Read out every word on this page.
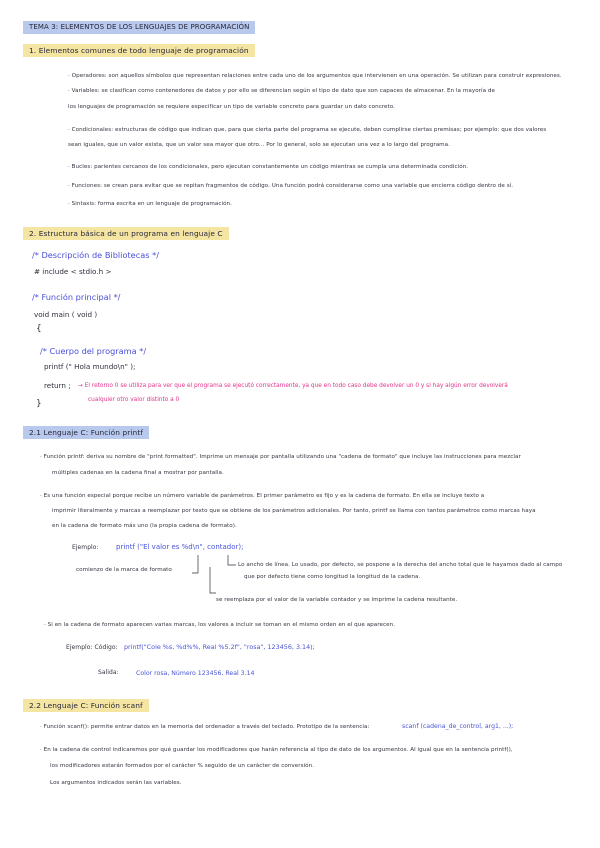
TEMA 3: ELEMENTOS DE LOS LENGUAJES DE PROGRAMACIÓN
1. Elementos comunes de todo lenguaje de programación
· Operadores: son aquellos símbolos que representan relaciones entre cada uno de los argumentos que intervienen en una operación. Se utilizan para construir expresiones.
· Variables: se clasifican como contenedores de datos y por ello se diferencian según el tipo de dato que son capaces de almacenar. En la mayoría de
los lenguajes de programación se requiere especificar un tipo de variable concreto para guardar un dato concreto.
· Condicionales: estructuras de código que indican que, para que cierta parte del programa se ejecute, deben cumplirse ciertas premisas; por ejemplo: que dos valores
sean iguales, que un valor exista, que un valor sea mayor que otro... Por lo general, solo se ejecutan una vez a lo largo del programa.
· Bucles: parientes cercanos de los condicionales, pero ejecutan constantemente un código mientras se cumpla una determinada condición.
· Funciones: se crean para evitar que se repitan fragmentos de código. Una función podrá considerarse como una variable que encierra código dentro de sí.
· Sintaxis: forma escrita en un lenguaje de programación.
2. Estructura básica de un programa en lenguaje C
/* Descripción de Bibliotecas */
# include < stdio.h >
/* Función principal */
void main ( void )
{
/* Cuerpo del programa */
printf (" Hola mundo\n" );
return ; → El retorno 0 se utiliza para ver que el programa se ejecutó correctamente, ya que en todo caso debe devolver un 0 y si hay algún error devolverá
cualquier otro valor distinto a 0
}
2.1 Lenguaje C: Función printf
· Función printf: deriva su nombre de "print formatted". Imprime un mensaje por pantalla utilizando una "cadena de formato" que incluye las instrucciones para mezclar
múltiples cadenas en la cadena final a mostrar por pantalla.
· Es una función especial porque recibe un número variable de parámetros. El primer parámetro es fijo y es la cadena de formato. En ella se incluye texto a
imprimir literalmente y marcas a reemplazar por texto que se obtiene de los parámetros adicionales. Por tanto, printf se llama con tantos parámetros como marcas haya
en la cadena de formato más uno (la propia cadena de formato).
Ejemplo: printf ("El valor es %d\n", contador);
comienzo de la marca de formato
Lo ancho de línea. Lo usado, por defecto, se pospone a la derecha del ancho total que le hayamos dado al campo
que por defecto tiene como longitud la longitud de la cadena.
se reemplaza por el valor de la variable contador y se imprime la cadena resultante.
· Si en la cadena de formato aparecen varias marcas, los valores a incluir se toman en el mismo orden en el que aparecen.
Ejemplo: Código: printf("Cole %s, %d%%, Real %5.2f", "rosa", 123456, 3.14);
Salida:	Color rosa, Número 123456, Real 3.14
2.2 Lenguaje C: Función scanf
· Función scanf(): permite entrar datos en la memoria del ordenador a través del teclado. Prototipo de la sentencia:	scanf (cadena_de_control, arg1, ...);
· En la cadena de control indicaremos por qué guardar los modificadores que harán referencia al tipo de dato de los argumentos. Al igual que en la sentencia printf(),
los modificadores estarán formados por el carácter % seguido de un carácter de conversión.
Los argumentos indicados serán las variables.
